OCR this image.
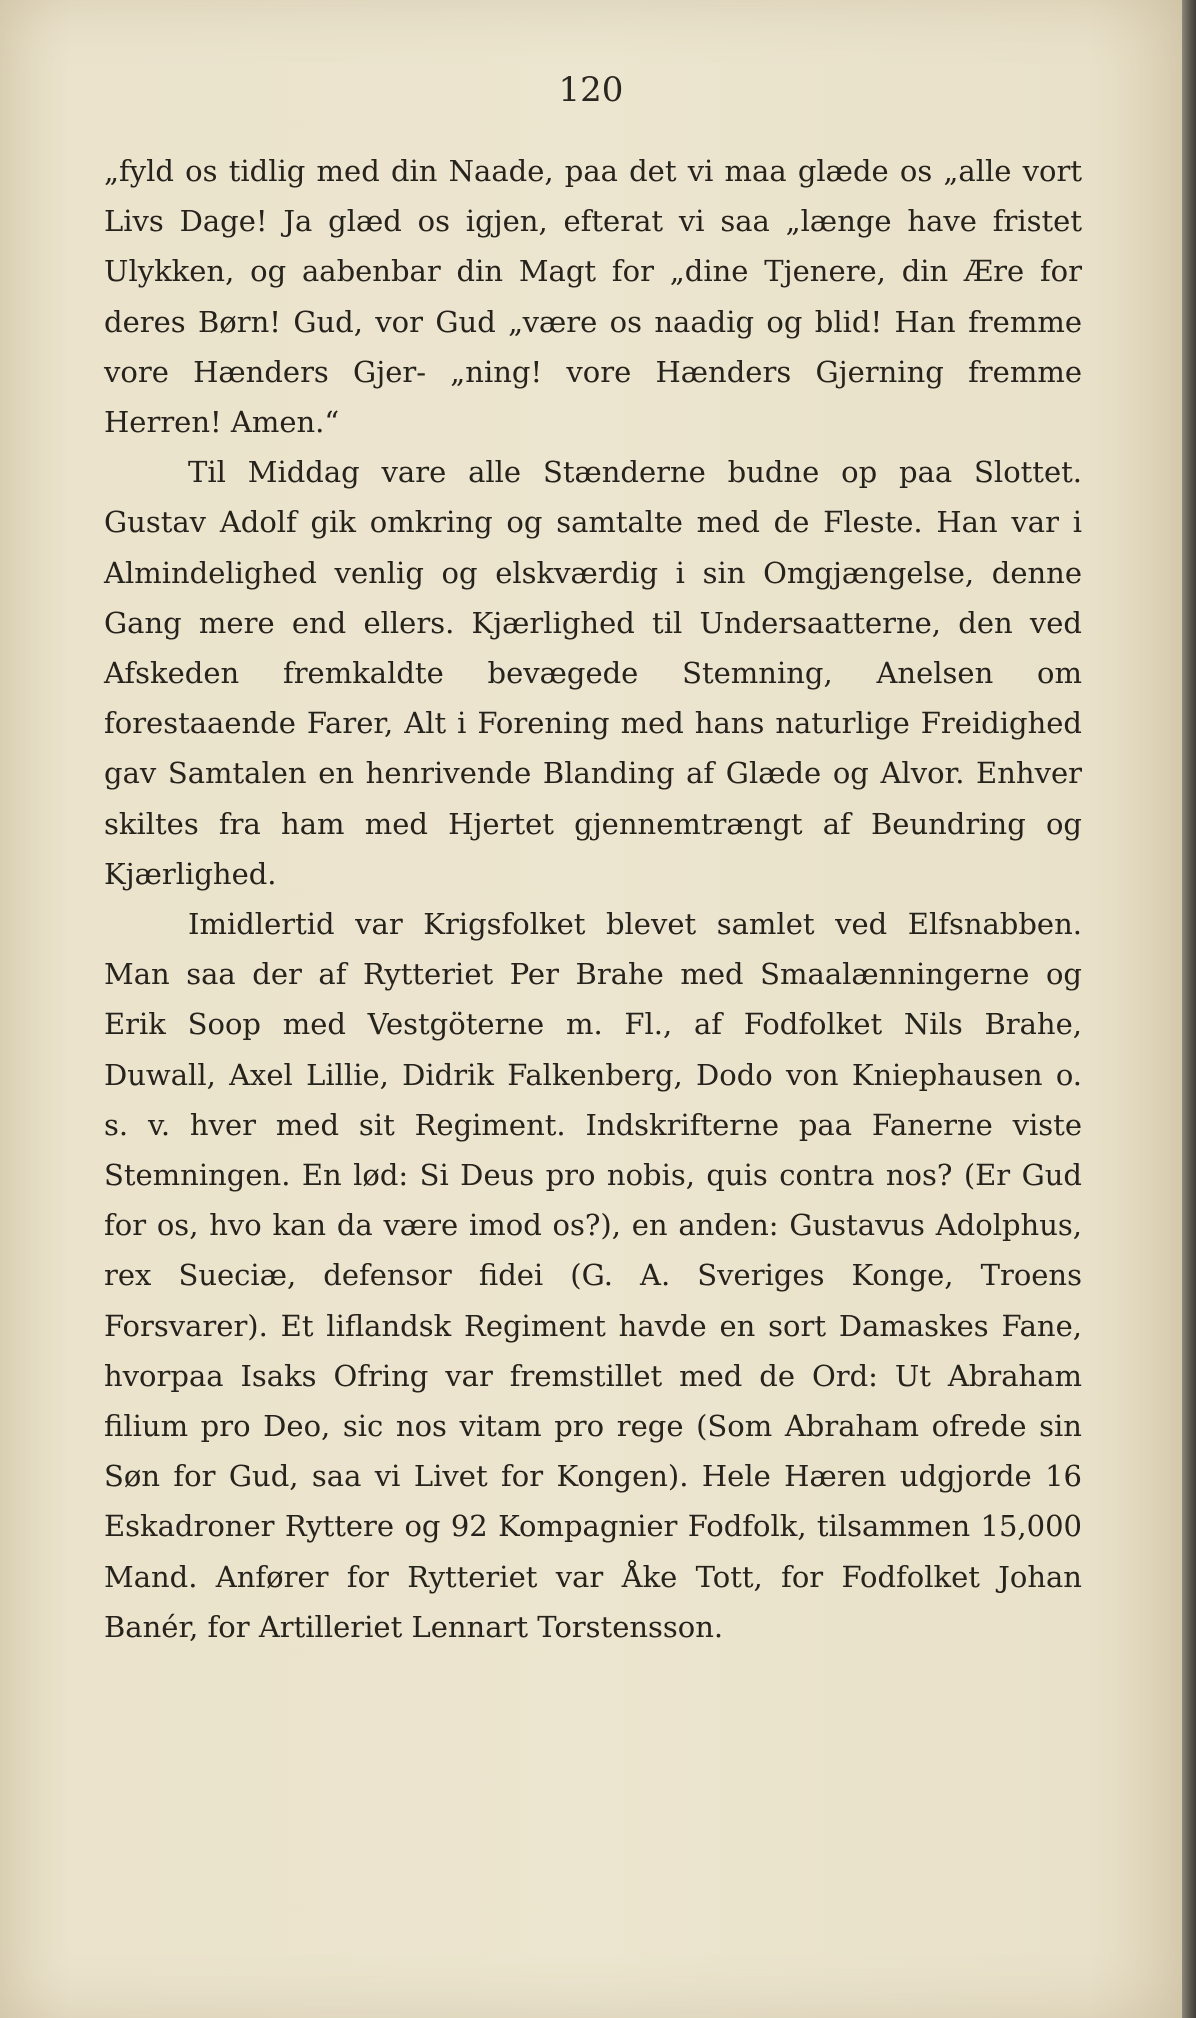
120

„fyld os tidlig med din Naade, paa det vi maa glæde os „alle vort Livs Dage! Ja glæd os igjen, efterat vi saa „længe have fristet Ulykken, og aabenbar din Magt for „dine Tjenere, din Ære for deres Børn! Gud, vor Gud „være os naadig og blid! Han fremme vore Hænders Gjer- „ning! vore Hænders Gjerning fremme Herren! Amen.“

Til Middag vare alle Stænderne budne op paa Slottet. Gustav Adolf gik omkring og samtalte med de Fleste. Han var i Almindelighed venlig og elskværdig i sin Omgjængelse, denne Gang mere end ellers. Kjærlighed til Undersaatterne, den ved Afskeden fremkaldte bevægede Stemning, Anelsen om forestaaende Farer, Alt i Forening med hans naturlige Freidighed gav Samtalen en henrivende Blanding af Glæde og Alvor. Enhver skiltes fra ham med Hjertet gjennemtrængt af Beundring og Kjærlighed.

Imidlertid var Krigsfolket blevet samlet ved Elfsnabben. Man saa der af Rytteriet Per Brahe med Smaalænningerne og Erik Soop med Vestgöterne m. Fl., af Fodfolket Nils Brahe, Duwall, Axel Lillie, Didrik Falkenberg, Dodo von Kniephausen o. s. v. hver med sit Regiment. Indskrifterne paa Fanerne viste Stemningen. En lød: Si Deus pro nobis, quis contra nos? (Er Gud for os, hvo kan da være imod os?), en anden: Gustavus Adolphus, rex Sueciæ, defensor fidei (G. A. Sveriges Konge, Troens Forsvarer). Et liflandsk Regiment havde en sort Damaskes Fane, hvorpaa Isaks Ofring var fremstillet med de Ord: Ut Abraham filium pro Deo, sic nos vitam pro rege (Som Abraham ofrede sin Søn for Gud, saa vi Livet for Kongen). Hele Hæren udgjorde 16 Eskadroner Ryttere og 92 Kompagnier Fodfolk, tilsammen 15,000 Mand. Anfører for Rytteriet var Åke Tott, for Fodfolket Johan Banér, for Artilleriet Lennart Torstensson.
